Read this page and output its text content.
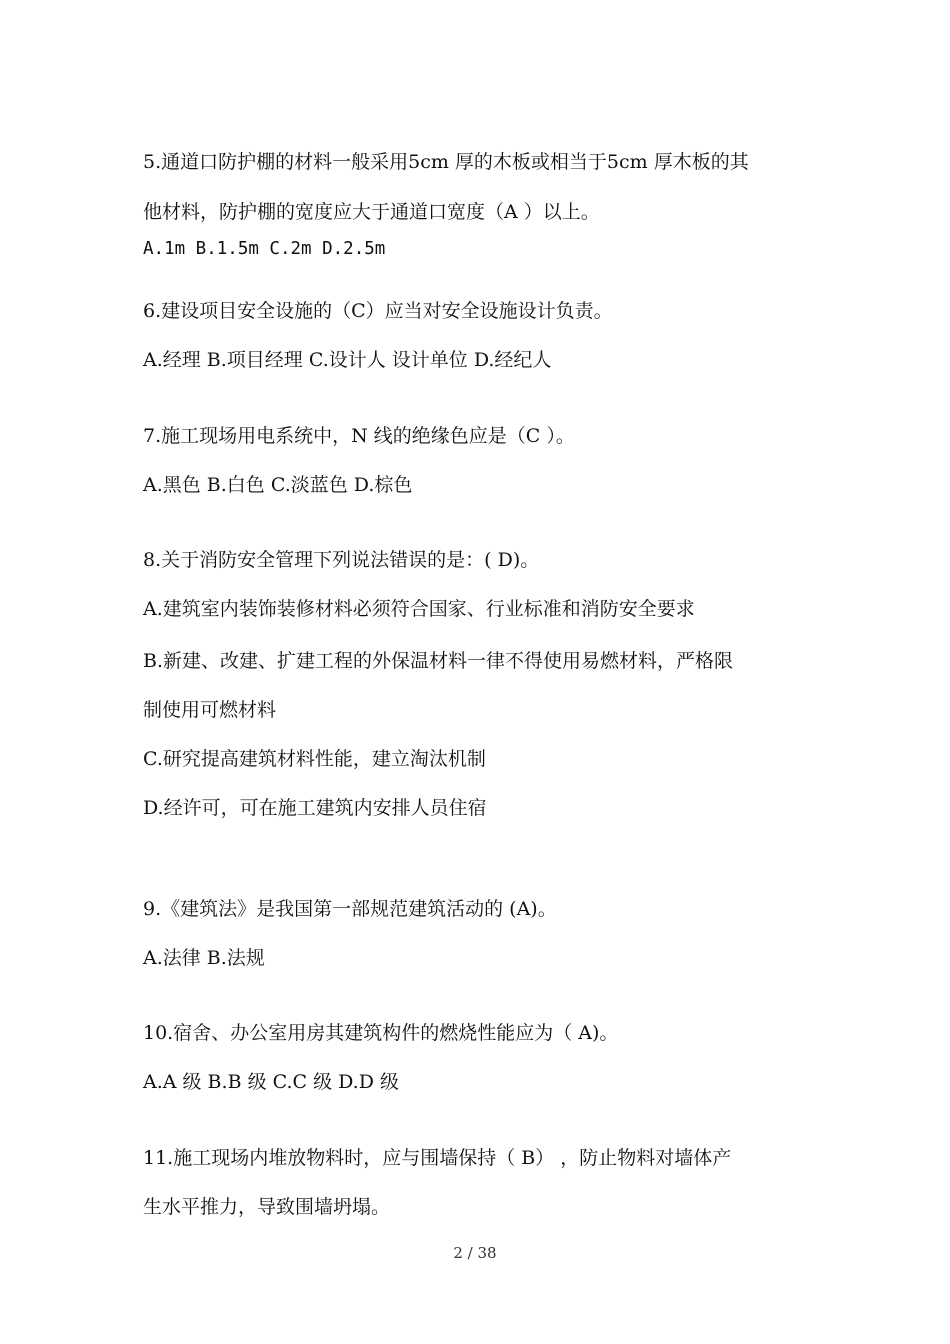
5.通道口防护棚的材料一般采用5cm 厚的木板或相当于5cm 厚木板的其
他材料，防护棚的宽度应大于通道口宽度（A ）以上。
A.1m B.1.5m C.2m D.2.5m
6.建设项目安全设施的（C）应当对安全设施设计负责。
A.经理 B.项目经理 C.设计人 设计单位 D.经纪人
7.施工现场用电系统中，N 线的绝缘色应是（C ）。
A.黑色 B.白色 C.淡蓝色 D.棕色
8.关于消防安全管理下列说法错误的是：( D)。
A.建筑室内装饰装修材料必须符合国家、行业标准和消防安全要求
B.新建、改建、扩建工程的外保温材料一律不得使用易燃材料，严格限
制使用可燃材料
C.研究提高建筑材料性能，建立淘汰机制
D.经许可，可在施工建筑内安排人员住宿
9.《建筑法》是我国第一部规范建筑活动的 (A)。
A.法律 B.法规
10.宿舍、办公室用房其建筑构件的燃烧性能应为（ A)。
A.A 级 B.B 级 C.C 级 D.D 级
11.施工现场内堆放物料时，应与围墙保持（ B） ，防止物料对墙体产
生水平推力，导致围墙坍塌。
2 / 38
